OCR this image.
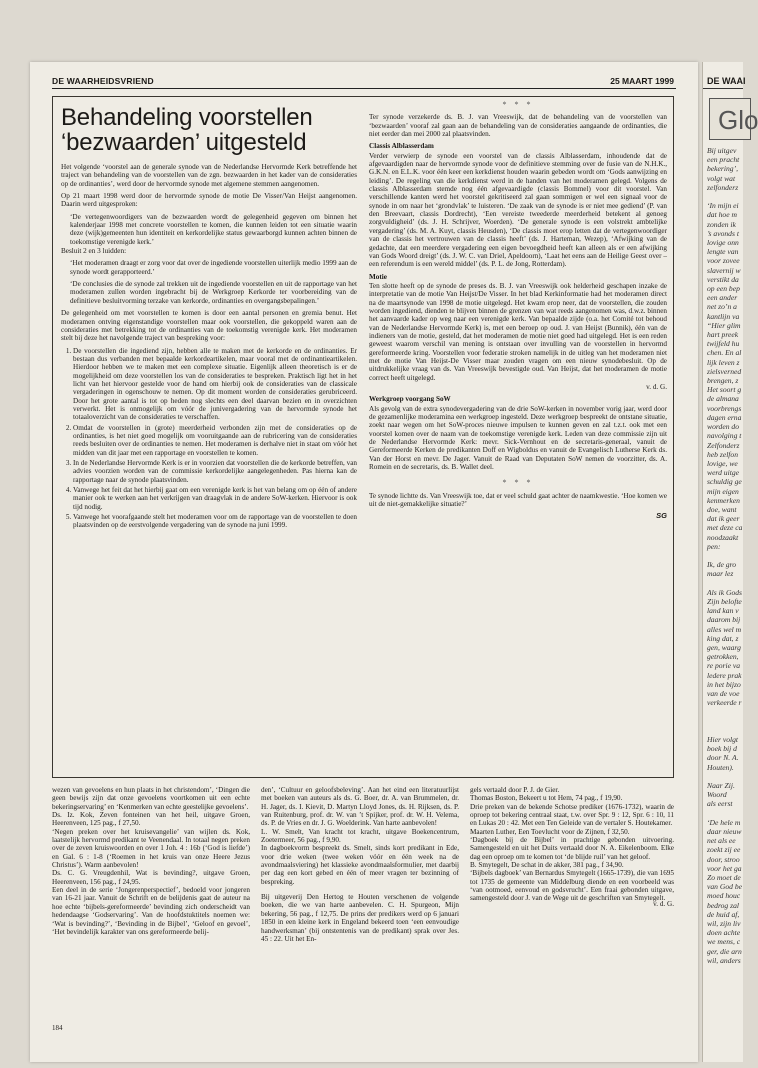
DE WAARHEIDSVRIEND	25 MAART 1999
Behandeling voorstellen ‘bezwaarden’ uitgesteld

Het volgende ‘voorstel aan de generale synode van de Nederlandse Hervormde Kerk betreffende het traject van behandeling van de voorstellen van de zgn. bezwaarden in het kader van de consideraties op de ordinanties’, werd door de hervormde synode met algemene stemmen aangenomen.

Op 21 maart 1998 werd door de hervormde synode de motie De Visser/Van Heijst aangenomen. Daarin werd uitgesproken:

‘De vertegenwoordigers van de bezwaarden wordt de gelegenheid gegeven om binnen het kalenderjaar 1998 met concrete voorstellen te komen, die kunnen leiden tot een situatie waarin deze (wijk)gemeenten hun identiteit en kerkordelijke status gewaarborgd kunnen achten binnen de toekomstige verenigde kerk.’

Besluit 2 en 3 luidden:

‘Het moderamen draagt er zorg voor dat over de ingediende voorstellen uiterlijk medio 1999 aan de synode wordt gerapporteerd.’

‘De conclusies die de synode zal trekken uit de ingediende voorstellen en uit de rapportage van het moderamen zullen worden ingebracht bij de Werkgroep Kerkorde ter voorbereiding van de definitieve besluitvorming terzake van kerkorde, ordinanties en overgangsbepalingen.’

De gelegenheid om met voorstellen te komen is door een aantal personen en gremia benut. Het moderamen ontving eigenstandige voorstellen maar ook voorstellen, die gekoppeld waren aan de consideraties met betrekking tot de ordinanties van de toekomstig verenigde kerk. Het moderamen stelt bij deze het navolgende traject van bespreking voor:

1. De voorstellen die ingediend zijn, hebben alle te maken met de kerkorde en de ordinanties. Er bestaan dus verbanden met bepaalde kerkordeartikelen, maar vooral met de ordinantieartikelen. Hierdoor hebben we te maken met een complexe situatie. Eigenlijk alleen theoretisch is er de mogelijkheid om deze voorstellen los van de consideraties te bespreken. Praktisch ligt het in het licht van het hiervoor gestelde voor de hand om hierbij ook de consideraties van de classicale vergaderingen in ogenschouw te nemen. Op dit moment worden de consideraties gerubriceerd. Door het grote aantal is tot op heden nog slechts een deel daarvan bezien en in overzichten verwerkt. Het is onmogelijk om vóór de junivergadering van de hervormde synode het totaaloverzicht van de consideraties te verschaffen.
2. Omdat de voorstellen in (grote) meerderheid verbonden zijn met de consideraties op de ordinanties, is het niet goed mogelijk om vooruitgaande aan de rubricering van de consideraties reeds besluiten over de ordinanties te nemen. Het moderamen is derhalve niet in staat om vóór het midden van dit jaar met een rapportage en voorstellen te komen.
3. In de Nederlandse Hervormde Kerk is er in voorzien dat voorstellen die de kerkorde betreffen, van advies voorzien worden van de commissie kerkordelijke aangelegenheden. Pas hierna kan de rapportage naar de synode plaatsvinden.
4. Vanwege het feit dat het hierbij gaat om een verenigde kerk is het van belang om op één of andere manier ook te werken aan het verkrijgen van draagvlak in de andere SoW-kerken. Hiervoor is ook tijd nodig.
5. Vanwege het voorafgaande stelt het moderamen voor om de rapportage van de voorstellen te doen plaatsvinden op de eerstvolgende vergadering van de synode na juni 1999.
* * *

Ter synode verzekerde ds. B. J. van Vreeswijk, dat de behandeling van de voorstellen van ‘bezwaarden’ vooraf zal gaan aan de behandeling van de consideraties aangaande de ordinanties, die niet eerder dan mei 2000 zal plaatsvinden.

Classis Alblasserdam

Verder verwierp de synode een voorstel van de classis Alblasserdam, inhoudende dat de afgevaardigden naar de hervormde synode voor de definitieve stemming over de fusie van de N.H.K., G.K.N. en E.L.K. voor één keer een kerkdienst houden waarin gebeden wordt om ‘Gods aanwijzing en leiding’. De regeling van die kerkdienst werd in de handen van het moderamen gelegd. Volgens de classis Alblasserdam stemde nog één afgevaardigde (classis Bommel) voor dit voorstel. Van verschillende kanten werd het voorstel gekritiseerd zal gaan sommigen er wel een signaal voor de synode in om naar het ‘grondvlak’ te luisteren. ‘De zaak van de synode is er niet mee gediend’ (P. van den Breevaart, classis Dordrecht), ‘Een vereiste tweederde meerderheid betekent al genoeg zorgvuldigheid’ (ds. J. H. Schrijver, Woerden). ‘De generale synode is een volstrekt ambtelijke vergadering’ (ds. M. A. Kuyt, classis Heusden), ‘De classis moet erop letten dat de vertegenwoordiger van de classis het vertrouwen van de classis heeft’ (ds. J. Harteman, Wezep), ‘Afwijking van de gedachte, dat een meerdere vergadering een eigen bevoegdheid heeft kan alleen als er een afwijking van Gods Woord dreigt’ (ds. J. W. C. van Driel, Apeldoorn), ‘Laat het eens aan de Heilige Geest over – een referendum is een wereld middel’ (ds. P. L. de Jong, Rotterdam).

Motie

Ten slotte heeft op de synode de preses ds. B. J. van Vreeswijk ook helderheid geschapen inzake de interpretatie van de motie Van Heijst/De Visser. In het blad Kerkinformatie had het moderamen direct na de maartsynode van 1998 de motie uitgelegd. Het kwam erop neer, dat de voorstellen, die zouden worden ingediend, dienden te blijven binnen de grenzen van wat reeds aangenomen was, d.w.z. binnen het aanvaarde kader op weg naar een verenigde kerk. Van bepaalde zijde (o.a. het Comité tot behoud van de Nederlandse Hervormde Kerk) is, met een beroep op oud. J. van Heijst (Bunnik), één van de indieners van de motie, gesteld, dat het moderamen de motie niet goed had uitgelegd. Het is een reden geweest waarom verschil van mening is ontstaan over invulling van de voorstellen in hervormd gereformeerde kring. Voorstellen voor federatie stroken namelijk in de uitleg van het moderamen niet met de motie Van Heijst-De Visser maar zouden vragen om een nieuw synodebesluit. Op de uitdrukkelijke vraag van ds. Van Vreeswijk bevestigde oud. Van Heijst, dat het moderamen de motie correct heeft uitgelegd.

v. d. G.

Werkgroep voorgang SoW

Als gevolg van de extra synodevergadering van de drie SoW-kerken in november vorig jaar, werd door de gezamenlijke moderamina een werkgroep ingesteld. Deze werkgroep bespreekt de ontstane situatie, zoekt naar wegen om het SoW-proces nieuwe impulsen te kunnen geven en zal t.z.t. ook met een voorstel komen over de naam van de toekomstige verenigde kerk. Leden van deze commissie zijn uit de Nederlandse Hervormde Kerk: mevr. Sick-Vernhout en de secretaris-generaal, vanuit de Gereformeerde Kerken de predikanten Doff en Wigboldus en vanuit de Evangelisch Lutherse Kerk ds. Van der Horst en mevr. De Jager. Vanuit de Raad van Deputaten SoW nemen de voorzitter, ds. A. Romein en de secretaris, ds. B. Wallet deel.

* * *

Te synode lichtte ds. Van Vreeswijk toe, dat er veel schuld gaat achter de naamkwestie. ‘Hoe komen we uit de niet-gemakkelijke situatie?’

SG

wezen van gevoelens en hun plaats in het christendom’, ‘Dingen die geen bewijs zijn dat onze gevoelens voortkomen uit een echte bekeringservaring’ en ‘Kenmerken van echte geestelijke gevoelens’.

Ds. Iz. Kok, Zeven fonteinen van het heil, uitgave Groen, Heerenveen, 125 pag., f 27,50.

‘Negen preken over het kruisevangelie’ van wijlen ds. Kok, laatstelijk hervormd predikant te Veenendaal. In totaal negen preken over de zeven kruiswoorden en over 1 Joh. 4 : 16b (‘God is liefde’) en Gal. 6 : 1-8 (‘Roemen in het kruis van onze Heere Jezus Christus’). Warm aanbevolen!

Ds. C. G. Vreugdenhil, Wat is bevinding?, uitgave Groen, Heerenveen, 156 pag., f 24,95.

Een deel in de serie ‘Jongerenperspectief’, bedoeld voor jongeren van 16-21 jaar. Vanuit de Schrift en de belijdenis gaat de auteur na hoe echte ‘bijbels-gereformeerde’ bevinding zich onderscheidt van hedendaagse ‘Godservaring’. Van de hoofdstuktitels noemen we: ‘Wat is bevinding?’, ‘Bevinding in de Bijbel’, ‘Geloof en gevoel’, ‘Het bevindelijk karakter van ons gereformeerde belij-

den’, ‘Cultuur en geloofsbeleving’. Aan het eind een literatuurlijst met boeken van auteurs als ds. G. Boer, dr. A. van Brummelen, dr. H. Jager, ds. I. Kievit, D. Martyn Lloyd Jones, ds. H. Rijksen, ds. P. van Ruitenburg, prof. dr. W. van ’t Spijker, prof. dr. W. H. Velema, ds. P. de Vries en dr. J. G. Woelderink. Van harte aanbevolen!

L. W. Smelt, Van kracht tot kracht, uitgave Boekencentrum, Zoetermeer, 56 pag., f 9,90.

In dagboekvorm bespreekt ds. Smelt, sinds kort predikant in Ede, voor drie weken (twee weken vóór en één week na de avondmaalsviering) het klassieke avondmaalsformulier, met daarbij per dag een kort gebed en één of meer vragen ter bezinning of bespreking.

Bij uitgeverij Den Hertog te Houten verschenen de volgende boeken, die we van harte aanbevelen. C. H. Spurgeon, Mijn bekering, 56 pag., f 12,75. De prins der predikers werd op 6 januari 1850 in een kleine kerk in Engeland bekeerd toen ‘een eenvoudige handwerksman’ (bij ontstentenis van de predikant) sprak over Jes. 45 : 22. Uit het En-

gels vertaald door P. J. de Gier.

Thomas Boston, Bekeert u tot Hem, 74 pag., f 19,90.

Drie preken van de bekende Schotse prediker (1676-1732), waarin de oproep tot bekering centraal staat, t.w. over Spr. 9 : 12, Spr. 6 : 10, 11 en Lukas 20 : 42. Met een Ten Geleide van de vertaler S. Houtekamer.

Maarten Luther, Een Toevlucht voor de Zijnen, f 32,50.

‘Dagboek bij de Bijbel’ in prachtige gebonden uitvoering. Samengesteld en uit het Duits vertaald door N. A. Eikelenboom. Elke dag een oproep om te komen tot ‘de blijde ruil’ van het geloof.

B. Smytegelt, De schat in de akker, 381 pag., f 34,90.

‘Bijbels dagboek’ van Bernardus Smytegelt (1665-1739), die van 1695 tot 1735 de gemeente van Middelburg diende en een voorbeeld was ‘van ootmoed, eenvoud en godsvrucht’. Een fraai gebonden uitgave, samengesteld door J. van de Wege uit de geschriften van Smytegelt.

v. d. G.

184
DE WAAI
Glo

Bij uitgev

een pracht

bekering’,

volgt wat

zelfonderz

‘In mijn ei

dat hoe m

zonden ik

’s avonds t

lovige onn

lengte van

voor zovee

slavernij w

verstikt da

op een bep

een ander

net zo’n a

kantlijn va

“Hier glim

hart preek

twijfeld hu

chen. En al

lijk leven z

zielsverned

brengen, z

Het soort g

de almana

voorbrengs

dagen erna

worden do

navolging t

Zelfonderz

heb zelfon

lovige, we

werd uitge

schuldig ge

mijn eigen

kenmerken

doe, want

dat ik geer

met deze ca

noodzaakt

pen:

Ik, de gro

maar lez

Als ik Gods

Zijn belofte

land kan v

daarom bij

alles wel m

king dat, z

gen, waarg

getrokken,

re porie va

ledere prak

in het bijzo

van de voe

verkeerde r

Hier volgt

boek bij d

door N. A.

Houten).

Naar Zij.

Woord

als eerst

‘De hele m

daar nieuw

net als ee

zoekt zij ee

door, stroo

voor het ga

Zo moet de

van God be

moed houc

bedrog zal

de huid af,

wil, zijn liv

doen achte

we mens, c

ger, die arn

wil, anders
